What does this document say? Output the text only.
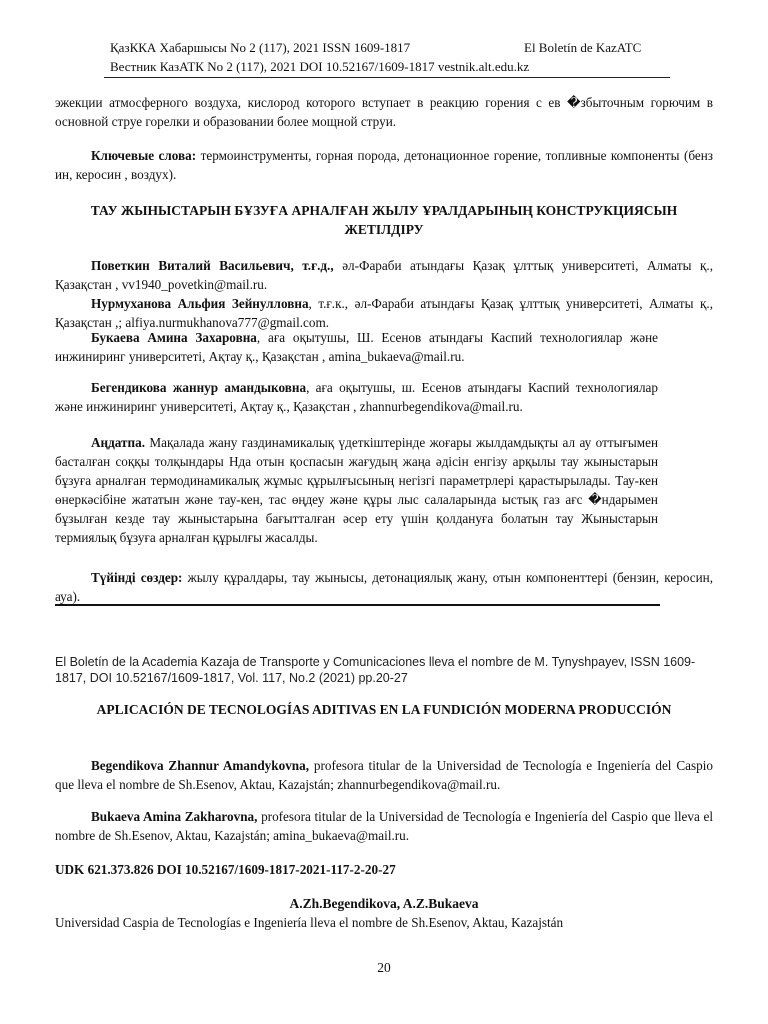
ҚазККА Хабаршысы No 2 (117), 2021 ISSN 1609-1817	El Boletín de KazATC
Вестник КазАТК No 2 (117), 2021 DOI 10.52167/1609-1817 vestnik.alt.edu.kz
эжекции атмосферного воздуха, кислород которого вступает в реакцию горения с ев �збыточным горючим в основной струе горелки и образовании более мощной струи.
Ключевые слова: термоинструменты, горная порода, детонационное горение, топливные компоненты (бенз ин, керосин , воздух).
ТАУ ЖЫНЫСТАРЫН БҰЗУҒА АРНАЛҒАН ЖЫЛУ ҰРАЛДАРЫНЫҢ КОНСТРУКЦИЯСЫН ЖЕТІЛДІРУ
Поветкин Виталий Васильевич, т.ғ.д., әл-Фараби атындағы Қазақ ұлттық университеті, Алматы қ., Қазақстан , vv1940_povetkin@mail.ru.
Нурмуханова Альфия Зейнулловна, т.ғ.к., әл-Фараби атындағы Қазақ ұлттық университеті, Алматы қ., Қазақстан ,; alfiya.nurmukhanova777@gmail.com.
Букаева Амина Захаровна, аға оқытушы, Ш. Есенов атындағы Каспий технологиялар және инжиниринг университеті, Ақтау қ., Қазақстан , amina_bukaeva@mail.ru.
Бегендикова жаннур амандыковна, аға оқытушы, ш. Есенов атындағы Каспий технологиялар және инжиниринг университеті, Ақтау қ., Қазақстан , zhannurbegendikova@mail.ru.
Аңдатпа. Мақалада жану газдинамикалық үдеткіштерінде жоғары жылдамдықты ал ау оттығымен басталған соққы толқындары Нда отын қоспасын жағудың жаңа әдісін енгізу арқылы тау жыныстарын бұзуға арналған термодинамикалық жұмыс құрылғысының негізгі параметрлері қарастырылады. Тау-кен өнеркәсібіне жататын және тау-кен, тас өңдеу және құры лыс салаларында ыстық газ ағс �ндарымен бұзылған кезде тау жыныстарына бағытталған әсер ету үшін қолдануға болатын тау Жыныстарын термиялық бұзуға арналған құрылғы жасалды.
Түйінді сөздер: жылу құралдары, тау жынысы, детонациялық жану, отын компоненттері (бензин, керосин, ауа).
El Boletín de la Academia Kazaja de Transporte y Comunicaciones lleva el nombre de M. Tynyshpayev, ISSN 1609-1817, DOI 10.52167/1609-1817, Vol. 117, No.2 (2021) pp.20-27
APLICACIÓN DE TECNOLOGÍAS ADITIVAS EN LA FUNDICIÓN MODERNA PRODUCCIÓN
Begendikova Zhannur Amandykovna, profesora titular de la Universidad de Tecnología e Ingeniería del Caspio que lleva el nombre de Sh.Esenov, Aktau, Kazajstán; zhannurbegendikova@mail.ru.
Bukaeva Amina Zakharovna, profesora titular de la Universidad de Tecnología e Ingeniería del Caspio que lleva el nombre de Sh.Esenov, Aktau, Kazajstán; amina_bukaeva@mail.ru.
UDK 621.373.826 DOI 10.52167/1609-1817-2021-117-2-20-27
A.Zh.Begendikova, A.Z.Bukaeva
Universidad Caspia de Tecnologías e Ingeniería lleva el nombre de Sh.Esenov, Aktau, Kazajstán
20
